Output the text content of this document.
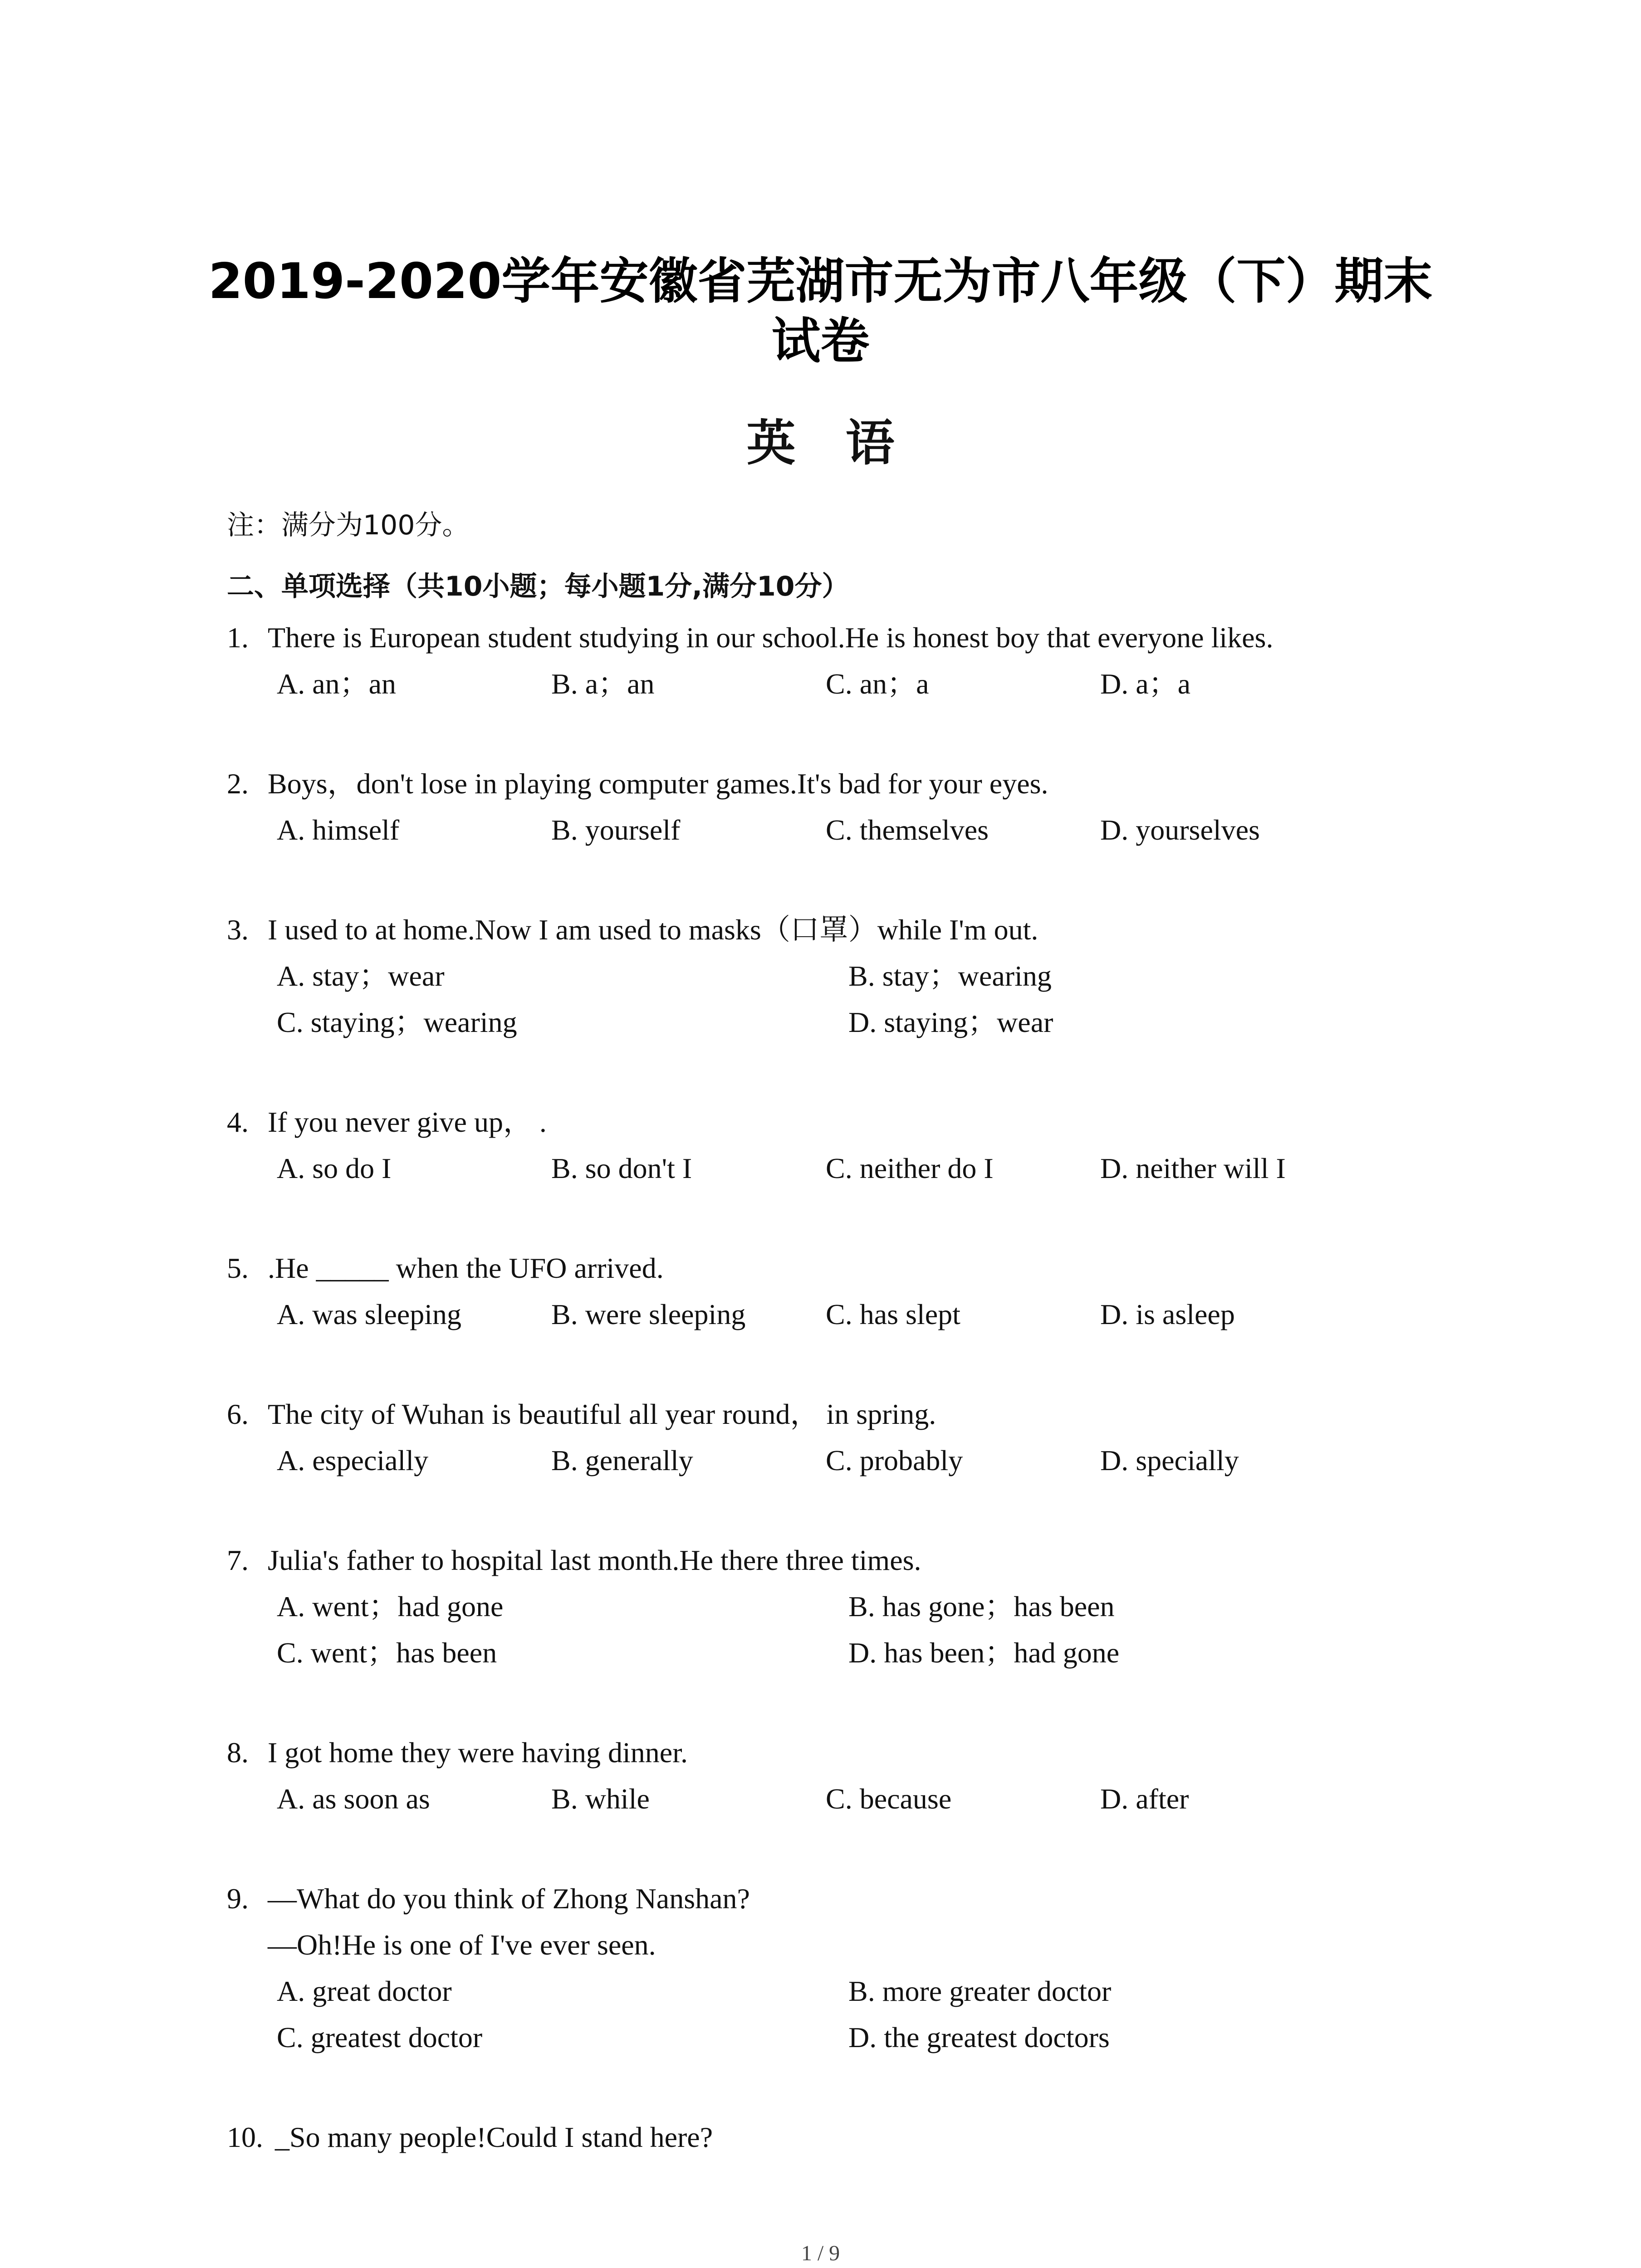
2019-2020学年安徽省芜湖市无为市八年级（下）期末
试卷
英语
注：满分为100分。
二、单项选择（共10小题；每小题1分,满分10分）
1. There is European student studying in our school.He is honest boy that everyone likes.
A. an；an	B. a；an	C. an；a	D. a；a
2. Boys，don't lose in playing computer games.It's bad for your eyes.
A. himself	B. yourself	C. themselves	D. yourselves
3. I used to at home.Now I am used to masks（口罩）while I'm out.
A. stay；wear	B. stay；wearing
C. staying；wearing	D. staying；wear
4. If you never give up， .
A. so do I	B. so don't I	C. neither do I	D. neither will I
5. .He _____ when the UFO arrived.
A. was sleeping	B. were sleeping	C. has slept	D. is asleep
6. The city of Wuhan is beautiful all year round， in spring.
A. especially	B. generally	C. probably	D. specially
7. Julia's father to hospital last month.He there three times.
A. went；had gone	B. has gone；has been
C. went；has been	D. has been；had gone
8. I got home they were having dinner.
A. as soon as	B. while	C. because	D. after
9. —What do you think of Zhong Nanshan?
—Oh!He is one of I've ever seen.
A. great doctor	B. more greater doctor
C. greatest doctor	D. the greatest doctors
10. _So many people!Could I stand here?
1 / 9
